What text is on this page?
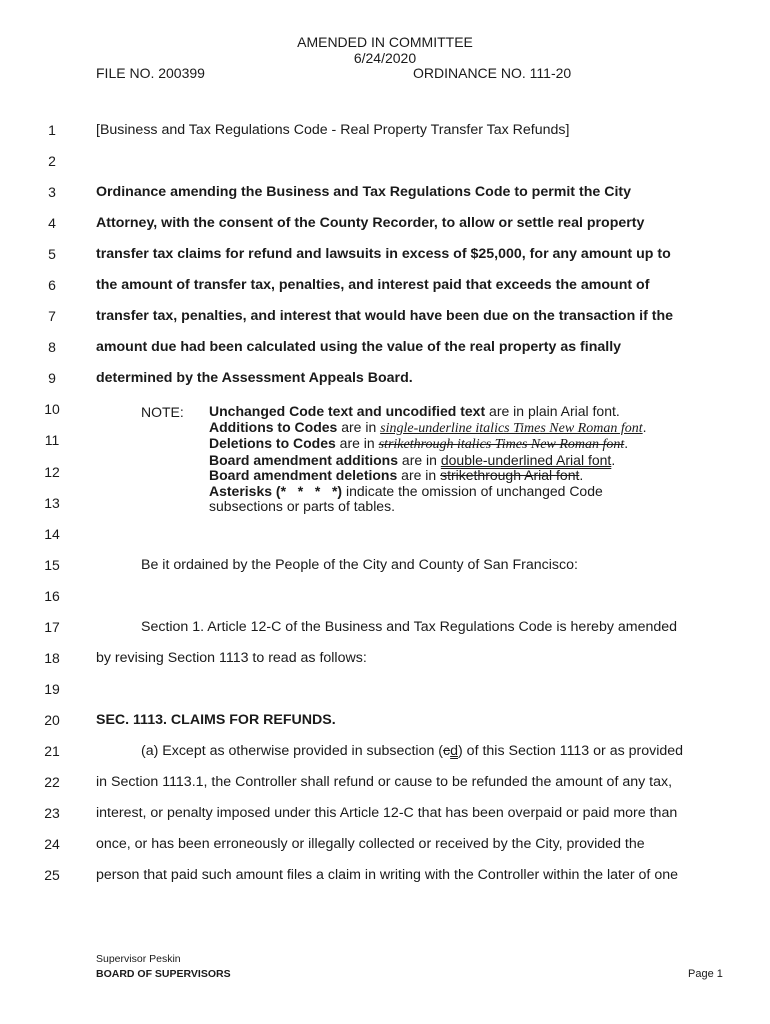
AMENDED IN COMMITTEE
6/24/2020
FILE NO. 200399	ORDINANCE NO. 111-20
1
2
3
4
5
6
7
8
9
10
11
12
13
14
15
16
17
18
19
20
21
22
23
24
25
[Business and Tax Regulations Code - Real Property Transfer Tax Refunds]
Ordinance amending the Business and Tax Regulations Code to permit the City
Attorney, with the consent of the County Recorder, to allow or settle real property
transfer tax claims for refund and lawsuits in excess of $25,000, for any amount up to
the amount of transfer tax, penalties, and interest paid that exceeds the amount of
transfer tax, penalties, and interest that would have been due on the transaction if the
amount due had been calculated using the value of the real property as finally
determined by the Assessment Appeals Board.
NOTE: Unchanged Code text and uncodified text are in plain Arial font.
Additions to Codes are in single-underline italics Times New Roman font.
Deletions to Codes are in strikethrough italics Times New Roman font.
Board amendment additions are in double-underlined Arial font.
Board amendment deletions are in strikethrough Arial font.
Asterisks (*   *   *   *) indicate the omission of unchanged Code
subsections or parts of tables.
Be it ordained by the People of the City and County of San Francisco:
Section 1. Article 12-C of the Business and Tax Regulations Code is hereby amended
by revising Section 1113 to read as follows:
SEC. 1113. CLAIMS FOR REFUNDS.
(a) Except as otherwise provided in subsection (cd) of this Section 1113 or as provided
in Section 1113.1, the Controller shall refund or cause to be refunded the amount of any tax,
interest, or penalty imposed under this Article 12-C that has been overpaid or paid more than
once, or has been erroneously or illegally collected or received by the City, provided the
person that paid such amount files a claim in writing with the Controller within the later of one
Supervisor Peskin
BOARD OF SUPERVISORS	Page 1
